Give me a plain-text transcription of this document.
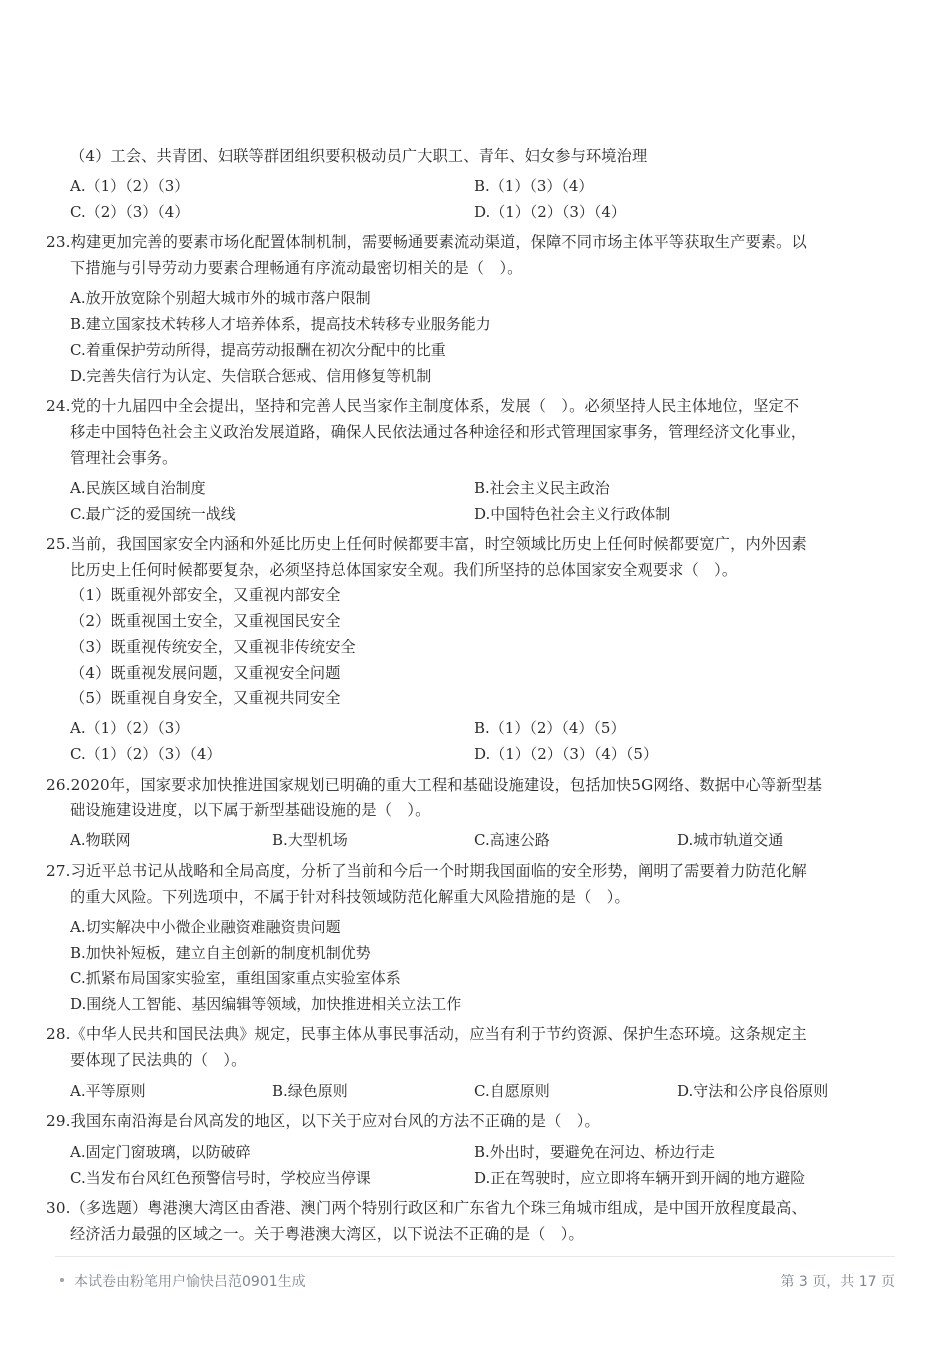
（4）工会、共青团、妇联等群团组织要积极动员广大职工、青年、妇女参与环境治理
A.（1）（2）（3）	B.（1）（3）（4）
C.（2）（3）（4）	D.（1）（2）（3）（4）
23.构建更加完善的要素市场化配置体制机制，需要畅通要素流动渠道，保障不同市场主体平等获取生产要素。以
下措施与引导劳动力要素合理畅通有序流动最密切相关的是（　）。
A.放开放宽除个别超大城市外的城市落户限制
B.建立国家技术转移人才培养体系，提高技术转移专业服务能力
C.着重保护劳动所得，提高劳动报酬在初次分配中的比重
D.完善失信行为认定、失信联合惩戒、信用修复等机制
24.党的十九届四中全会提出，坚持和完善人民当家作主制度体系，发展（　）。必须坚持人民主体地位，坚定不
移走中国特色社会主义政治发展道路，确保人民依法通过各种途径和形式管理国家事务，管理经济文化事业，
管理社会事务。
A.民族区域自治制度	B.社会主义民主政治
C.最广泛的爱国统一战线	D.中国特色社会主义行政体制
25.当前，我国国家安全内涵和外延比历史上任何时候都要丰富，时空领域比历史上任何时候都要宽广，内外因素
比历史上任何时候都要复杂，必须坚持总体国家安全观。我们所坚持的总体国家安全观要求（　）。
（1）既重视外部安全，又重视内部安全
（2）既重视国土安全，又重视国民安全
（3）既重视传统安全，又重视非传统安全
（4）既重视发展问题，又重视安全问题
（5）既重视自身安全，又重视共同安全
A.（1）（2）（3）	B.（1）（2）（4）（5）
C.（1）（2）（3）（4）	D.（1）（2）（3）（4）（5）
26.2020年，国家要求加快推进国家规划已明确的重大工程和基础设施建设，包括加快5G网络、数据中心等新型基
础设施建设进度，以下属于新型基础设施的是（　）。
A.物联网	B.大型机场	C.高速公路	D.城市轨道交通
27.习近平总书记从战略和全局高度，分析了当前和今后一个时期我国面临的安全形势，阐明了需要着力防范化解
的重大风险。下列选项中，不属于针对科技领域防范化解重大风险措施的是（　）。
A.切实解决中小微企业融资难融资贵问题
B.加快补短板，建立自主创新的制度机制优势
C.抓紧布局国家实验室，重组国家重点实验室体系
D.围绕人工智能、基因编辑等领域，加快推进相关立法工作
28.《中华人民共和国民法典》规定，民事主体从事民事活动，应当有利于节约资源、保护生态环境。这条规定主
要体现了民法典的（　）。
A.平等原则	B.绿色原则	C.自愿原则	D.守法和公序良俗原则
29.我国东南沿海是台风高发的地区，以下关于应对台风的方法不正确的是（　）。
A.固定门窗玻璃，以防破碎	B.外出时，要避免在河边、桥边行走
C.当发布台风红色预警信号时，学校应当停课	D.正在驾驶时，应立即将车辆开到开阔的地方避险
30.（多选题）粤港澳大湾区由香港、澳门两个特别行政区和广东省九个珠三角城市组成，是中国开放程度最高、
经济活力最强的区域之一。关于粤港澳大湾区，以下说法不正确的是（　）。
本试卷由粉笔用户愉快吕范0901生成	第 3 页，共 17 页
